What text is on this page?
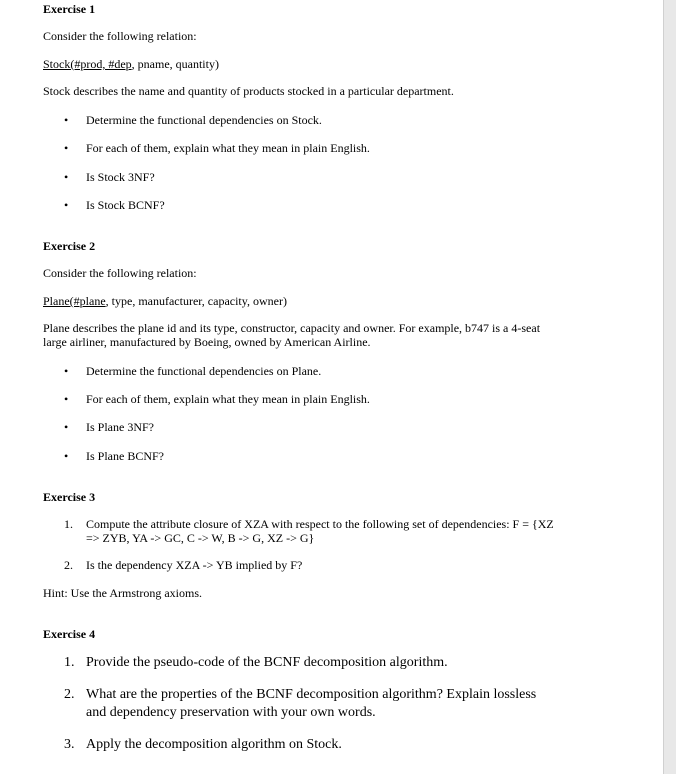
Exercise 1
Consider the following relation:
Stock(#prod, #dep, pname, quantity)
Stock describes the name and quantity of products stocked in a particular department.
• Determine the functional dependencies on Stock.
• For each of them, explain what they mean in plain English.
• Is Stock 3NF?
• Is Stock BCNF?
Exercise 2
Consider the following relation:
Plane(#plane, type, manufacturer, capacity, owner)
Plane describes the plane id and its type, constructor, capacity and owner. For example, b747 is a 4-seat
large airliner, manufactured by Boeing, owned by American Airline.
• Determine the functional dependencies on Plane.
• For each of them, explain what they mean in plain English.
• Is Plane 3NF?
• Is Plane BCNF?
Exercise 3
1. Compute the attribute closure of XZA with respect to the following set of dependencies: F = {XZ
=> ZYB, YA -> GC, C -> W, B -> G, XZ -> G}
2. Is the dependency XZA -> YB implied by F?
Hint: Use the Armstrong axioms.
Exercise 4
1. Provide the pseudo-code of the BCNF decomposition algorithm.
2. What are the properties of the BCNF decomposition algorithm? Explain lossless
and dependency preservation with your own words.
3. Apply the decomposition algorithm on Stock.
